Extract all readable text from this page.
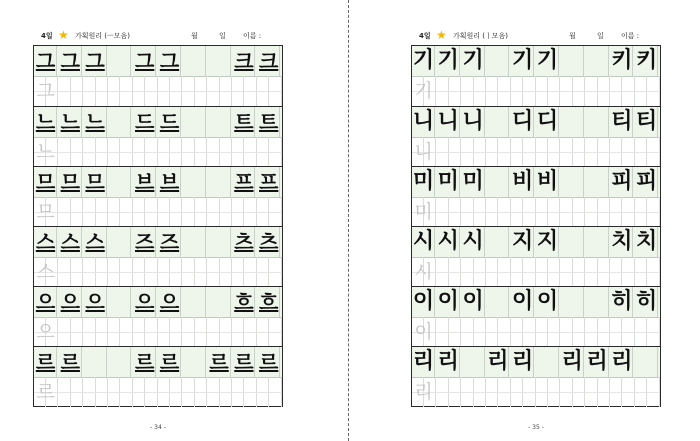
4일 ★ 가획원리 (ㅡ모음)	월	일 이름 :
그 그 그 그 그	크 크
그
느 느 느 드 드	트 트
느
므 므 므 브 브	프 프
므
스 스 스 즈 즈	츠 츠
스
으 으 으 으 으	흐 흐
으
르 르	르 르 르 르 르
르
- 34 -
4일 ★ 가획원리 (ㅣ모음)	월	일 이름 :
기 기 기 기 기 키 키
기
니 니 니 디 디 티 티
니
미 미 미 비 비 피 피
미
시 시 시 지 지 치 치
시
이 이 이 이 이 히 히
이
리 리 리 리 리 리 리
리
- 35 -
